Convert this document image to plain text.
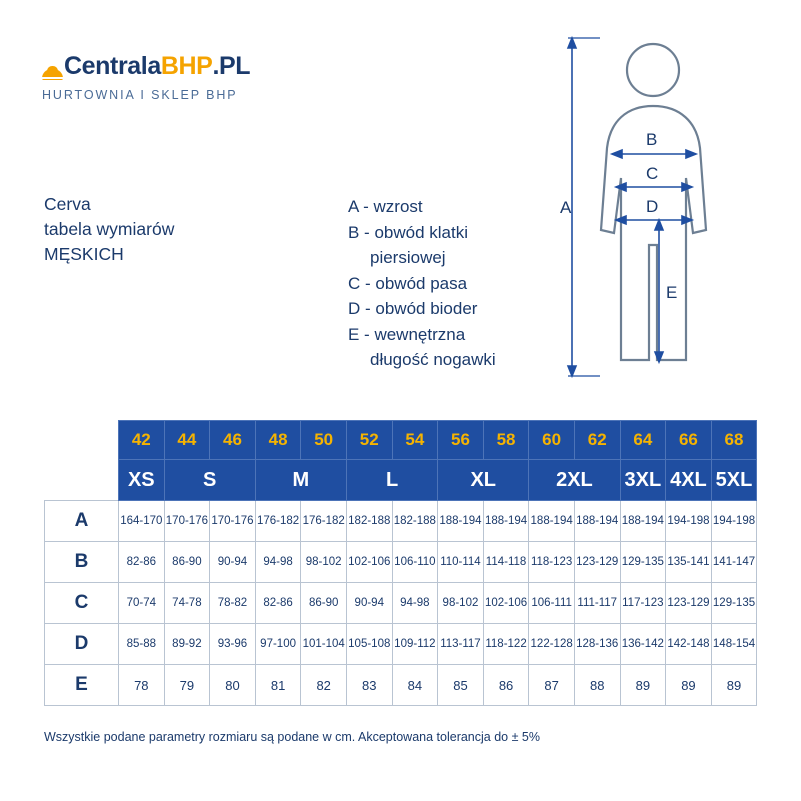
Centrala BHP .PL
HURTOWNIA I SKLEP BHP
Cerva
tabela wymiarów
MĘSKICH
A - wzrost
B - obwód klatki
piersiowej
C - obwód pasa
D - obwód bioder
E - wewnętrzna
długość nogawki
A
B
C
D
E
	42	44	46	48	50	52	54	56	58	60	62	64	66	68
	XS	S		M		L		XL		2XL		3XL	4XL	5XL
A	164-170	170-176	170-176	176-182	176-182	182-188	182-188	188-194	188-194	188-194	188-194	188-194	194-198	194-198
B	82-86	86-90	90-94	94-98	98-102	102-106	106-110	110-114	114-118	118-123	123-129	129-135	135-141	141-147
C	70-74	74-78	78-82	82-86	86-90	90-94	94-98	98-102	102-106	106-111	111-117	117-123	123-129	129-135
D	85-88	89-92	93-96	97-100	101-104	105-108	109-112	113-117	118-122	122-128	128-136	136-142	142-148	148-154
E	78	79	80	81	82	83	84	85	86	87	88	89	89	89
Wszystkie podane parametry rozmiaru są podane w cm. Akceptowana tolerancja do ± 5%
